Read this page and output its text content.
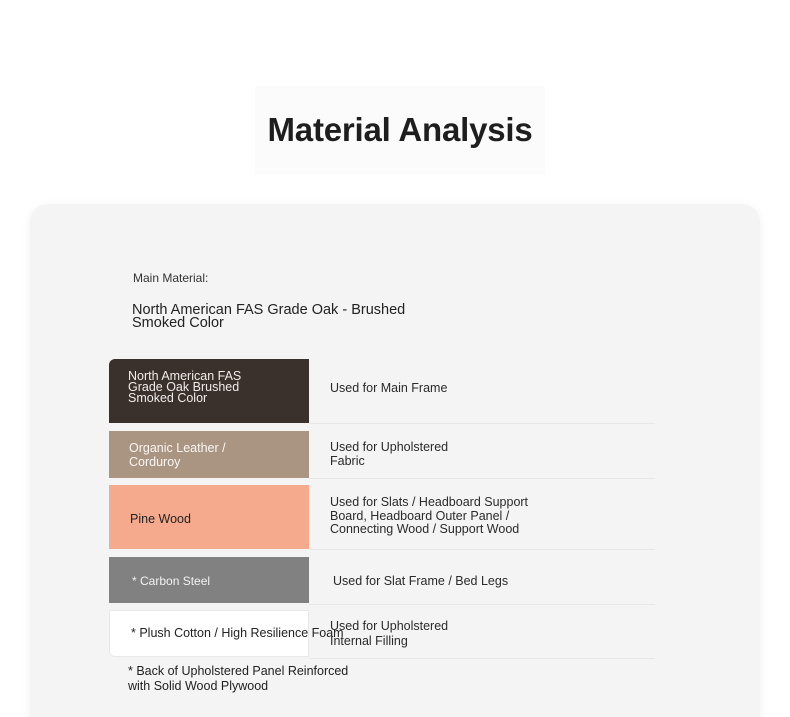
Material Analysis
Main Material:
North American FAS Grade Oak - Brushed Smoked Color
North American FAS Grade Oak Brushed Smoked Color
Used for Main Frame
Organic Leather / Corduroy
Used for Upholstered Fabric
Pine Wood
Used for Slats / Headboard Support Board, Headboard Outer Panel / Connecting Wood / Support Wood
* Carbon Steel	Used for Slat Frame / Bed Legs
* Plush Cotton / High Resilience Foam
Used for Upholstered Internal Filling
* Back of Upholstered Panel Reinforced with Solid Wood Plywood
